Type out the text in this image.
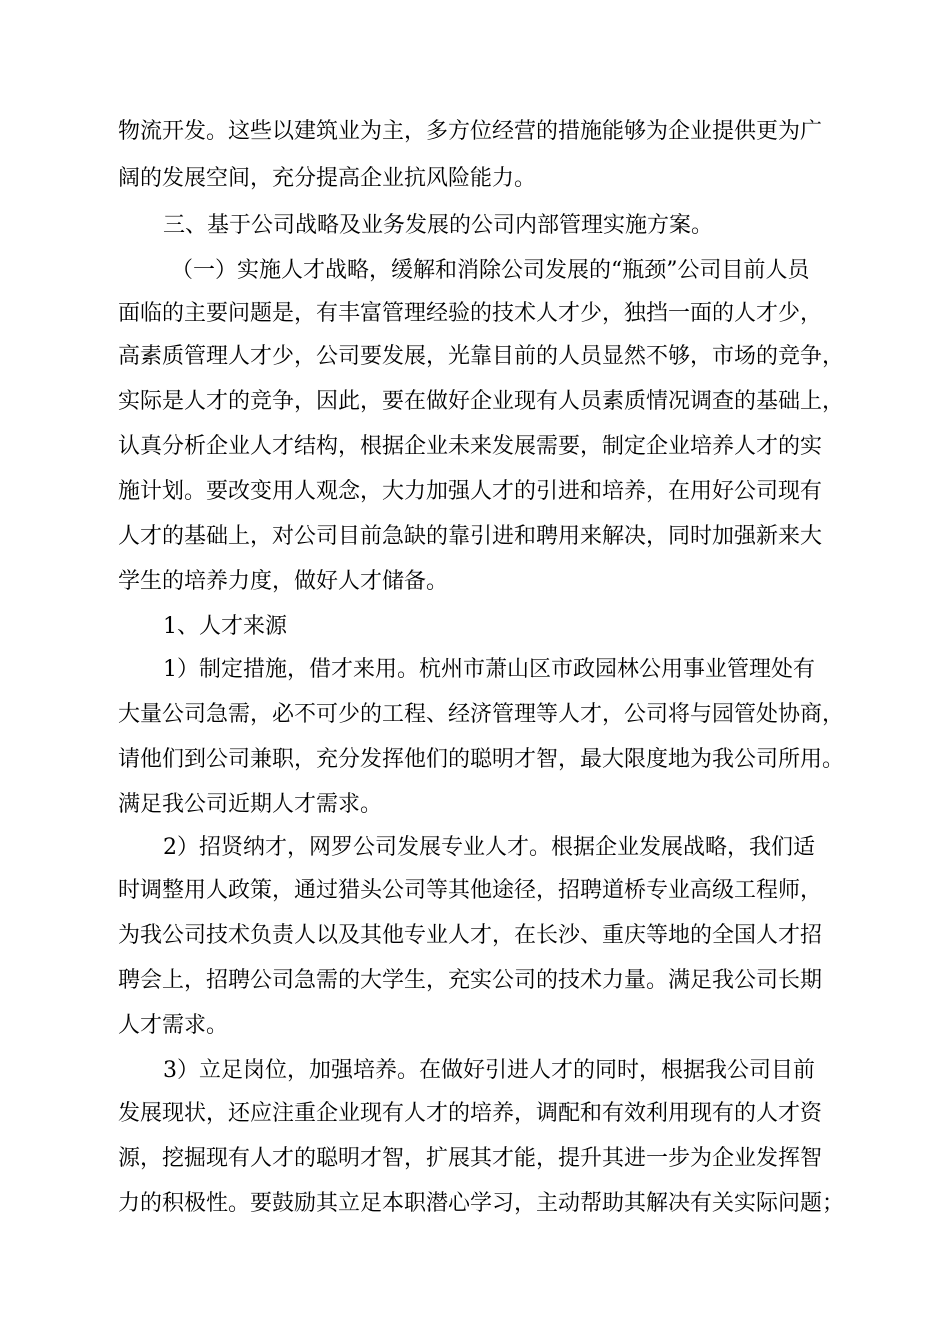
物流开发。这些以建筑业为主，多方位经营的措施能够为企业提供更为广
阔的发展空间，充分提高企业抗风险能力。
三、基于公司战略及业务发展的公司内部管理实施方案。
（一）实施人才战略，缓解和消除公司发展的“瓶颈”公司目前人员
面临的主要问题是，有丰富管理经验的技术人才少，独挡一面的人才少，
高素质管理人才少，公司要发展，光靠目前的人员显然不够，市场的竞争，
实际是人才的竞争，因此，要在做好企业现有人员素质情况调查的基础上，
认真分析企业人才结构，根据企业未来发展需要，制定企业培养人才的实
施计划。要改变用人观念，大力加强人才的引进和培养，在用好公司现有
人才的基础上，对公司目前急缺的靠引进和聘用来解决，同时加强新来大
学生的培养力度，做好人才储备。
1、人才来源
1）制定措施，借才来用。杭州市萧山区市政园林公用事业管理处有
大量公司急需，必不可少的工程、经济管理等人才，公司将与园管处协商，
请他们到公司兼职，充分发挥他们的聪明才智，最大限度地为我公司所用。
满足我公司近期人才需求。
2）招贤纳才，网罗公司发展专业人才。根据企业发展战略，我们适
时调整用人政策，通过猎头公司等其他途径，招聘道桥专业高级工程师，
为我公司技术负责人以及其他专业人才，在长沙、重庆等地的全国人才招
聘会上，招聘公司急需的大学生，充实公司的技术力量。满足我公司长期
人才需求。
3）立足岗位，加强培养。在做好引进人才的同时，根据我公司目前
发展现状，还应注重企业现有人才的培养，调配和有效利用现有的人才资
源，挖掘现有人才的聪明才智，扩展其才能，提升其进一步为企业发挥智
力的积极性。要鼓励其立足本职潜心学习，主动帮助其解决有关实际问题；
